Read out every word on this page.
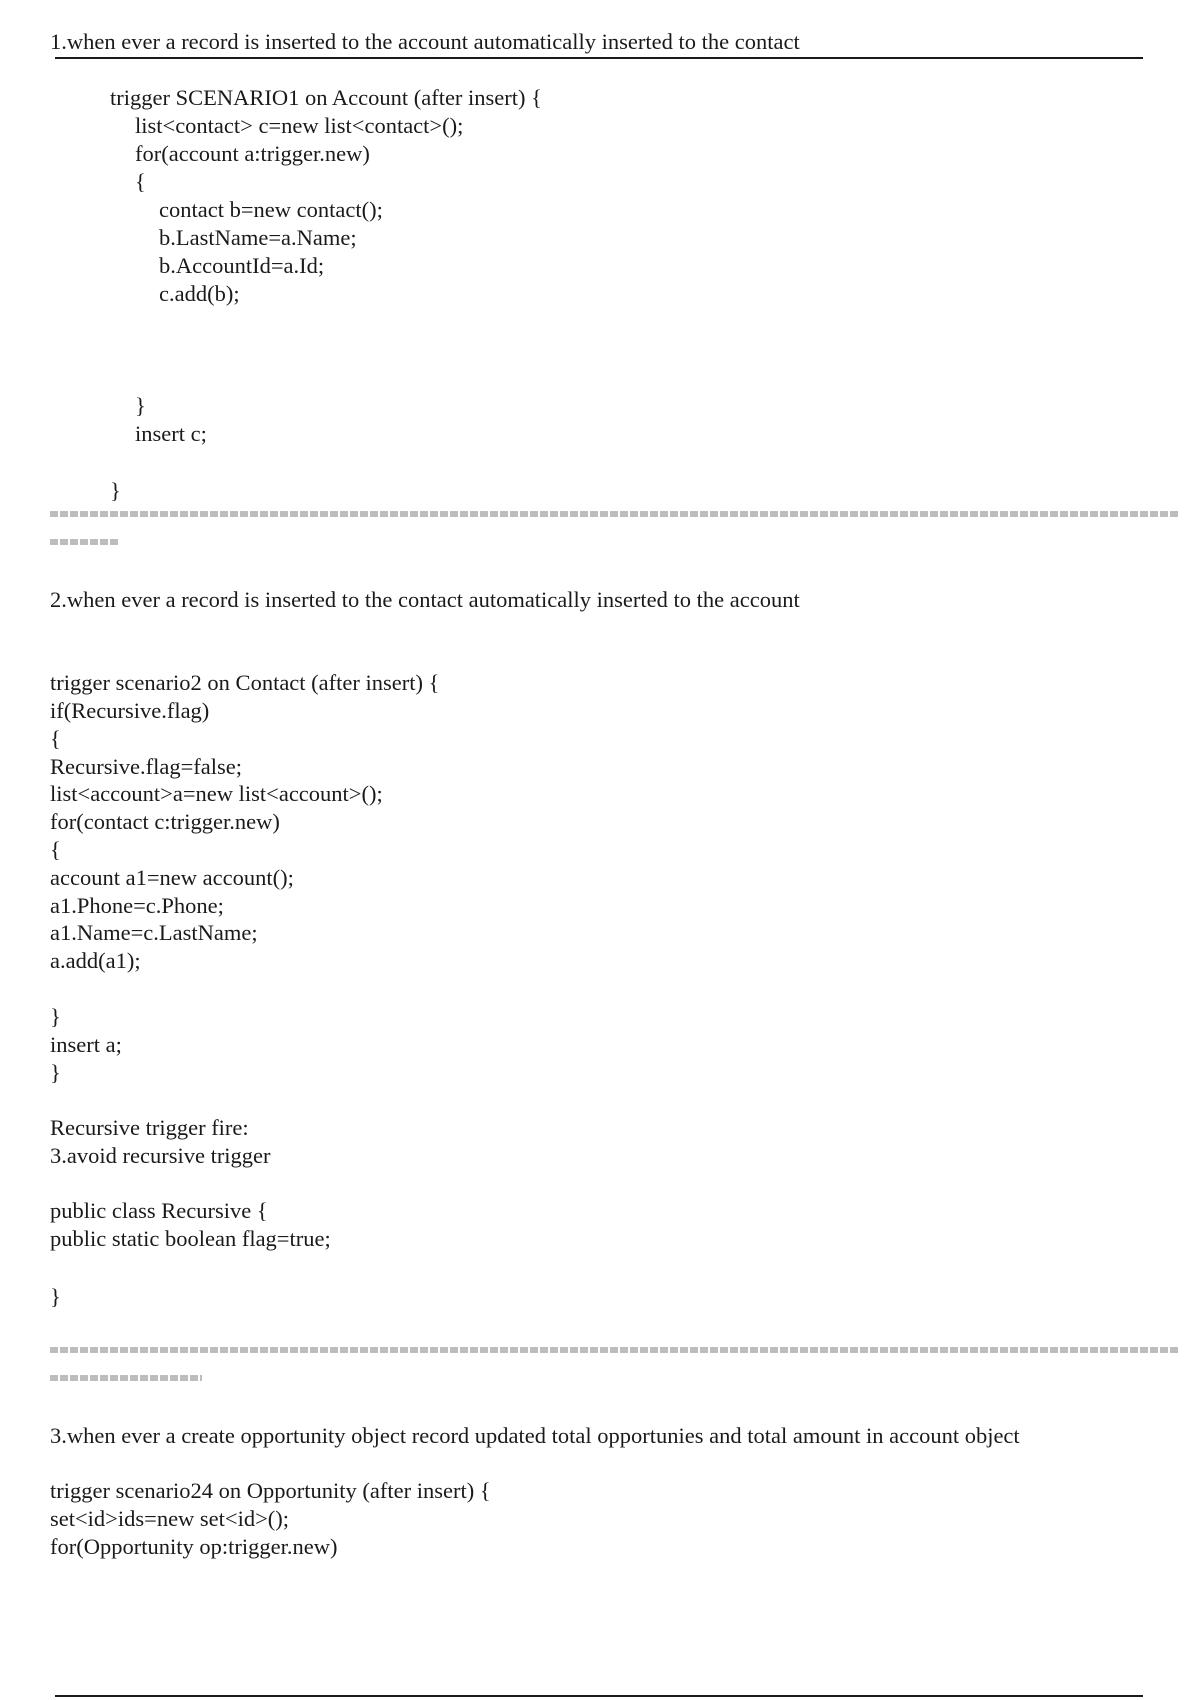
1.when ever a record is inserted to the account automatically inserted to the contact
trigger SCENARIO1 on Account (after insert) {
list<contact> c=new list<contact>();
for(account a:trigger.new)
{
contact b=new contact();
b.LastName=a.Name;
b.AccountId=a.Id;
c.add(b);
}
insert c;
}
2.when ever a record is inserted to the contact automatically inserted to the account
trigger scenario2 on Contact (after insert) {
if(Recursive.flag)
{
Recursive.flag=false;
list<account>a=new list<account>();
for(contact c:trigger.new)
{
account a1=new account();
a1.Phone=c.Phone;
a1.Name=c.LastName;
a.add(a1);
}
insert a;
}
Recursive trigger fire:
3.avoid recursive trigger
public class Recursive {
public static boolean flag=true;
}
3.when ever a create opportunity object record updated total opportunies and total amount in account object
trigger scenario24 on Opportunity (after insert) {
set<id>ids=new set<id>();
for(Opportunity op:trigger.new)
